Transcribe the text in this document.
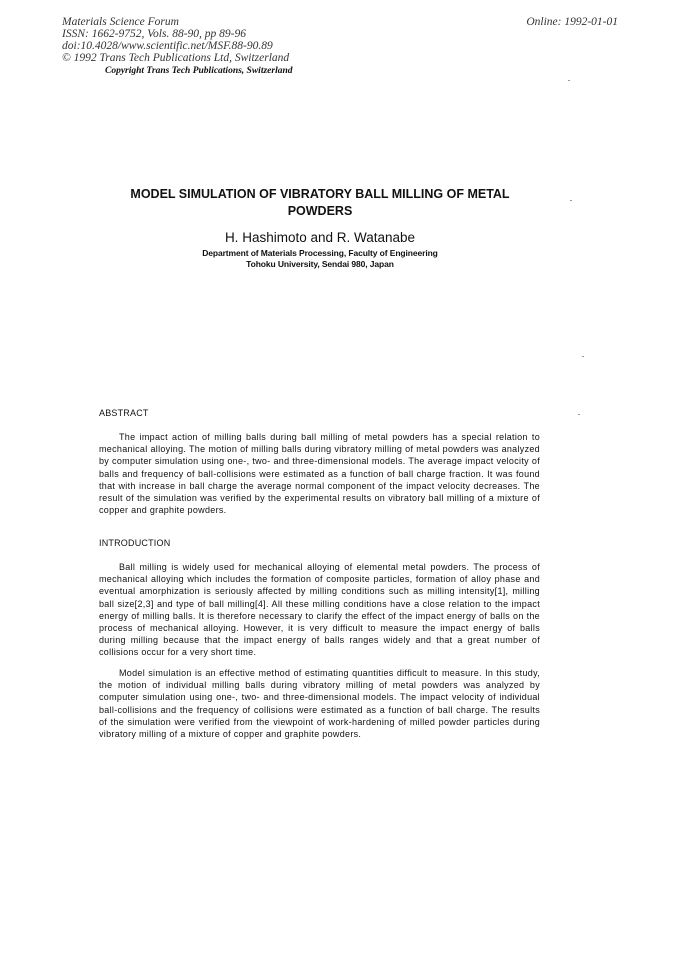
Materials Science Forum
ISSN: 1662-9752, Vols. 88-90, pp 89-96
doi:10.4028/www.scientific.net/MSF.88-90.89
© 1992 Trans Tech Publications Ltd, Switzerland
Online: 1992-01-01
Copyright Trans Tech Publications, Switzerland
MODEL SIMULATION OF VIBRATORY BALL MILLING OF METAL
POWDERS
H. Hashimoto and R. Watanabe
Department of Materials Processing, Faculty of Engineering
Tohoku University, Sendai 980, Japan
ABSTRACT
The impact action of milling balls during ball milling of metal powders has a special relation to mechanical alloying. The motion of milling balls during vibratory milling of metal powders was analyzed by computer simulation using one-, two- and three-dimensional models. The average impact velocity of balls and frequency of ball-collisions were estimated as a function of ball charge fraction. It was found that with increase in ball charge the average normal component of the impact velocity decreases. The result of the simulation was verified by the experimental results on vibratory ball milling of a mixture of copper and graphite powders.
INTRODUCTION
Ball milling is widely used for mechanical alloying of elemental metal powders. The process of mechanical alloying which includes the formation of composite particles, formation of alloy phase and eventual amorphization is seriously affected by milling conditions such as milling intensity[1], milling ball size[2,3] and type of ball milling[4]. All these milling conditions have a close relation to the impact energy of milling balls. It is therefore necessary to clarify the effect of the impact energy of balls on the process of mechanical alloying. However, it is very difficult to measure the impact energy of balls during milling because that the impact energy of balls ranges widely and that a great number of collisions occur for a very short time.
Model simulation is an effective method of estimating quantities difficult to measure. In this study, the motion of individual milling balls during vibratory milling of metal powders was analyzed by computer simulation using one-, two- and three-dimensional models. The impact velocity of individual ball-collisions and the frequency of collisions were estimated as a function of ball charge. The results of the simulation were verified from the viewpoint of work-hardening of milled powder particles during vibratory milling of a mixture of copper and graphite powders.
